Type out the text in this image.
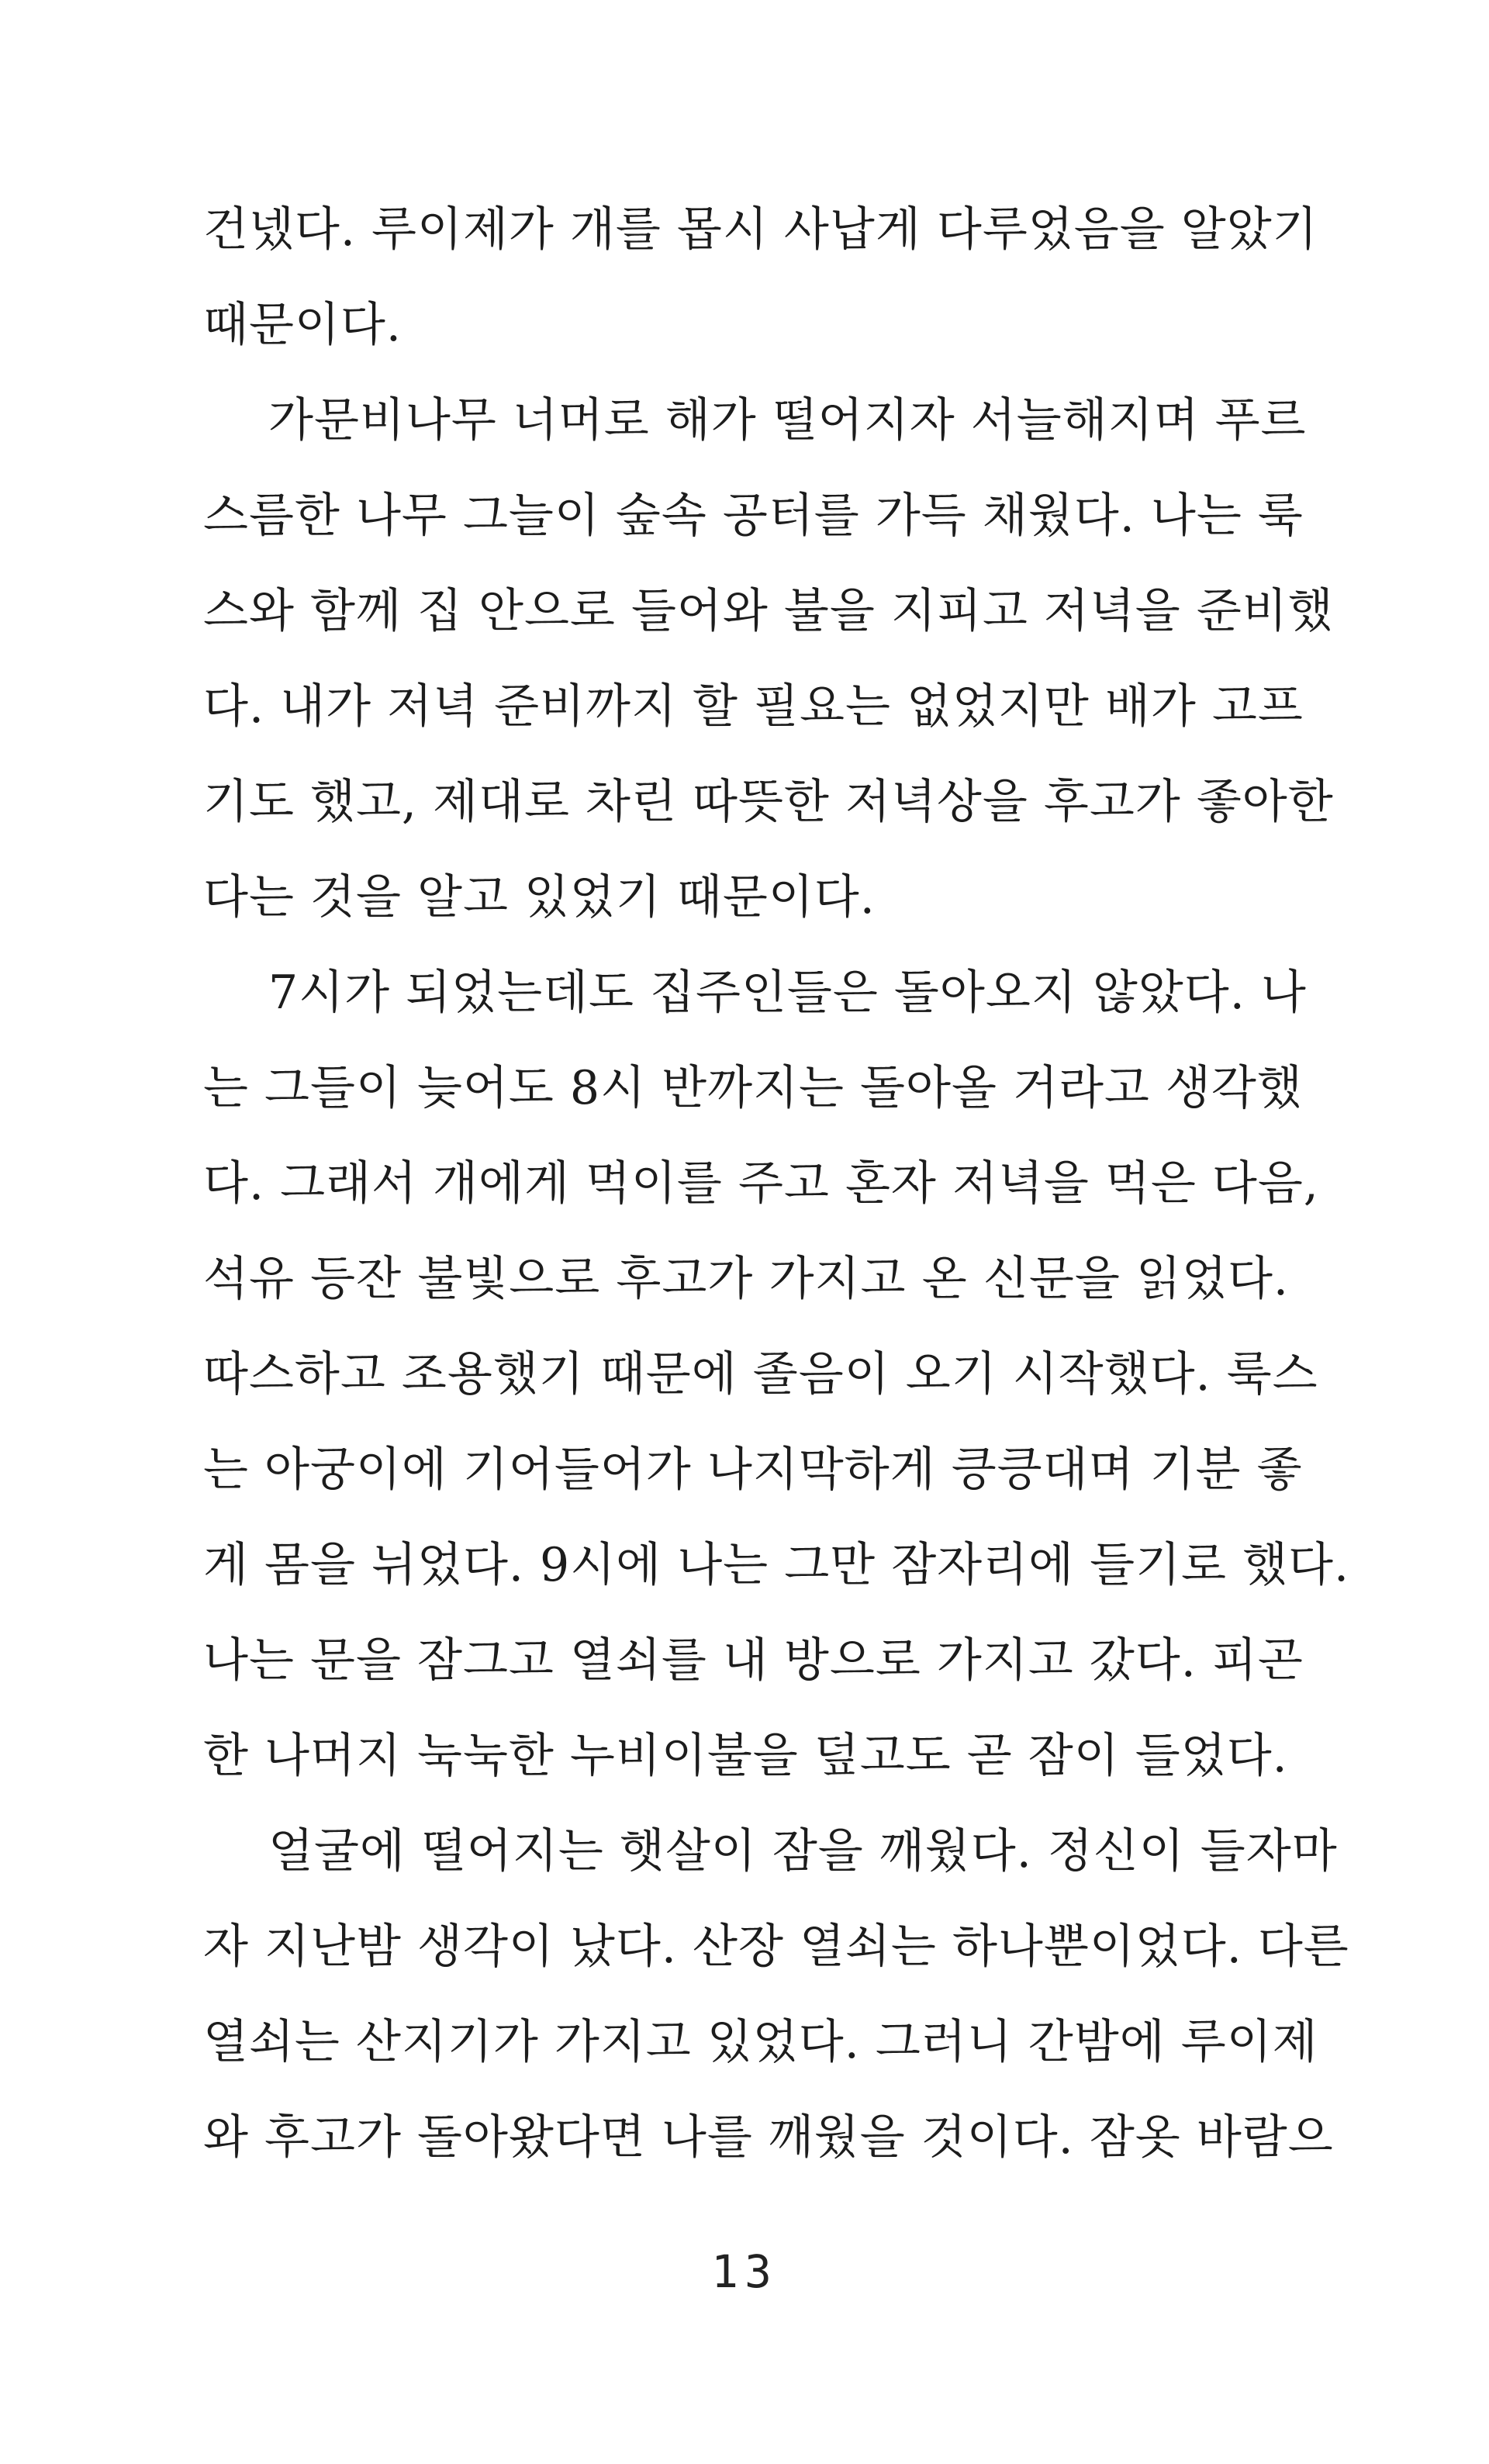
건넸다. 루이제가 개를 몹시 사납게 다루었음을 알았기
때문이다.
가문비나무 너머로 해가 떨어지자 서늘해지며 푸르
스름한 나무 그늘이 숲속 공터를 가득 채웠다. 나는 룩
스와 함께 집 안으로 들어와 불을 지피고 저녁을 준비했
다. 내가 저녁 준비까지 할 필요는 없었지만 배가 고프
기도 했고, 제대로 차린 따뜻한 저녁상을 후고가 좋아한
다는 것을 알고 있었기 때문이다.
7시가 되었는데도 집주인들은 돌아오지 않았다. 나
는 그들이 늦어도 8시 반까지는 돌아올 거라고 생각했
다. 그래서 개에게 먹이를 주고 혼자 저녁을 먹은 다음,
석유 등잔 불빛으로 후고가 가지고 온 신문을 읽었다.
따스하고 조용했기 때문에 졸음이 오기 시작했다. 룩스
는 아궁이에 기어들어가 나지막하게 킁킁대며 기분 좋
게 몸을 뉘었다. 9시에 나는 그만 잠자리에 들기로 했다.
나는 문을 잠그고 열쇠를 내 방으로 가지고 갔다. 피곤
한 나머지 눅눅한 누비이불을 덮고도 곧 잠이 들었다.
얼굴에 떨어지는 햇살이 잠을 깨웠다. 정신이 들자마
자 지난밤 생각이 났다. 산장 열쇠는 하나뿐이었다. 다른
열쇠는 산지기가 가지고 있었다. 그러니 간밤에 루이제
와 후고가 돌아왔다면 나를 깨웠을 것이다. 잠옷 바람으
13
